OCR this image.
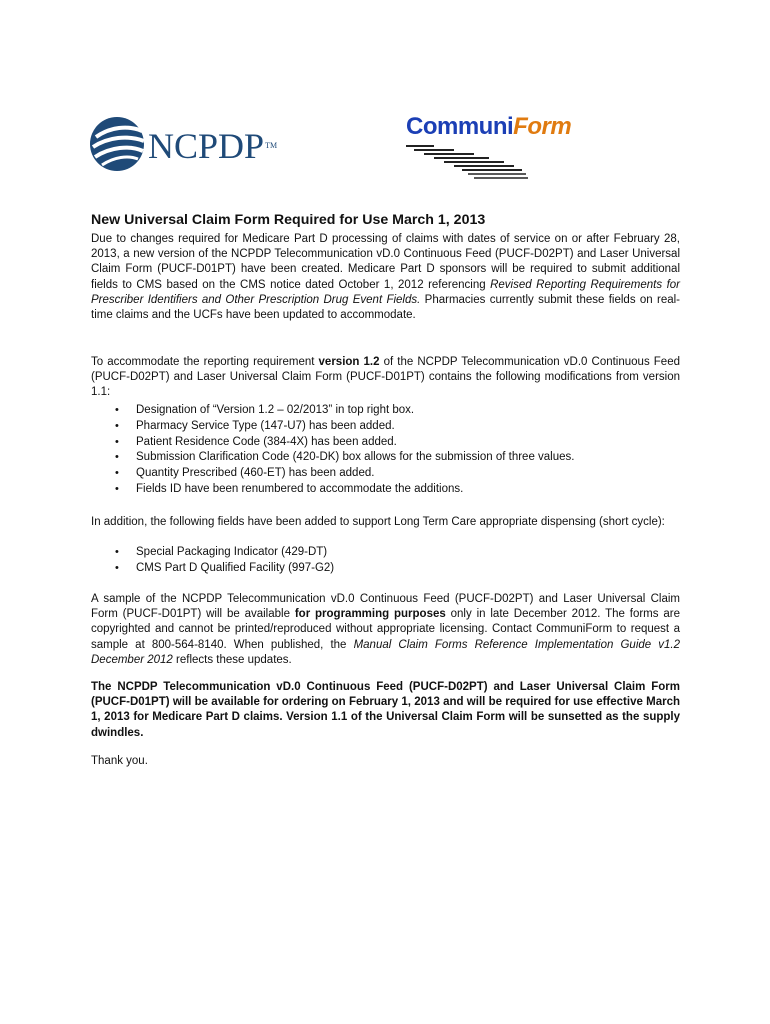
NCPDP™
CommuniForm
New Universal Claim Form Required for Use March 1, 2013

Due to changes required for Medicare Part D processing of claims with dates of service on or after February 28, 2013, a new version of the NCPDP Telecommunication vD.0 Continuous Feed (PUCF-D02PT) and Laser Universal Claim Form (PUCF-D01PT) have been created. Medicare Part D sponsors will be required to submit additional fields to CMS based on the CMS notice dated October 1, 2012 referencing Revised Reporting Requirements for Prescriber Identifiers and Other Prescription Drug Event Fields. Pharmacies currently submit these fields on real-time claims and the UCFs have been updated to accommodate.

To accommodate the reporting requirement version 1.2 of the NCPDP Telecommunication vD.0 Continuous Feed (PUCF-D02PT) and Laser Universal Claim Form (PUCF-D01PT) contains the following modifications from version 1.1:

• Designation of “Version 1.2 – 02/2013” in top right box.
• Pharmacy Service Type (147-U7) has been added.
• Patient Residence Code (384-4X) has been added.
• Submission Clarification Code (420-DK) box allows for the submission of three values.
• Quantity Prescribed (460-ET) has been added.
• Fields ID have been renumbered to accommodate the additions.

In addition, the following fields have been added to support Long Term Care appropriate dispensing (short cycle):

• Special Packaging Indicator (429-DT)
• CMS Part D Qualified Facility (997-G2)

A sample of the NCPDP Telecommunication vD.0 Continuous Feed (PUCF-D02PT) and Laser Universal Claim Form (PUCF-D01PT) will be available for programming purposes only in late December 2012. The forms are copyrighted and cannot be printed/reproduced without appropriate licensing. Contact CommuniForm to request a sample at 800-564-8140. When published, the Manual Claim Forms Reference Implementation Guide v1.2 December 2012 reflects these updates.

The NCPDP Telecommunication vD.0 Continuous Feed (PUCF-D02PT) and Laser Universal Claim Form (PUCF-D01PT) will be available for ordering on February 1, 2013 and will be required for use effective March 1, 2013 for Medicare Part D claims. Version 1.1 of the Universal Claim Form will be sunsetted as the supply dwindles.

Thank you.
